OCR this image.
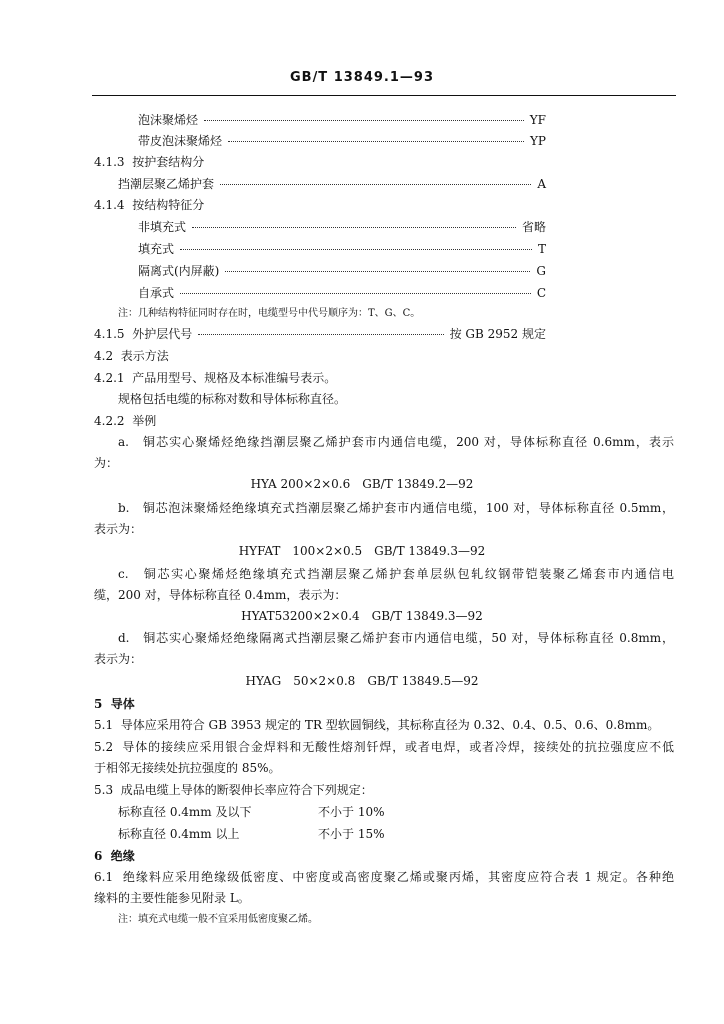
GB/T 13849.1—93
泡沫聚烯烃	YF
带皮泡沫聚烯烃	YP
4.1.3 按护套结构分
挡潮层聚乙烯护套	A
4.1.4 按结构特征分
非填充式	省略
填充式	T
隔离式(内屏蔽)	G
自承式	C
注：几种结构特征同时存在时，电缆型号中代号顺序为：T、G、C。
4.1.5 外护层代号	按 GB 2952 规定
4.2 表示方法
4.2.1 产品用型号、规格及本标准编号表示。
规格包括电缆的标称对数和导体标称直径。
4.2.2 举例
a.　铜芯实心聚烯烃绝缘挡潮层聚乙烯护套市内通信电缆，200 对，导体标称直径 0.6mm，表示
为：
HYA 200×2×0.6　GB/T 13849.2—92
b.　铜芯泡沫聚烯烃绝缘填充式挡潮层聚乙烯护套市内通信电缆，100 对，导体标称直径 0.5mm，
表示为：
HYFAT　100×2×0.5　GB/T 13849.3—92
c.　铜芯实心聚烯烃绝缘填充式挡潮层聚乙烯护套单层纵包轧纹钢带铠装聚乙烯套市内通信电
缆，200 对，导体标称直径 0.4mm，表示为：
HYAT53200×2×0.4　GB/T 13849.3—92
d.　铜芯实心聚烯烃绝缘隔离式挡潮层聚乙烯护套市内通信电缆，50 对，导体标称直径 0.8mm，
表示为：
HYAG　50×2×0.8　GB/T 13849.5—92
5 导体
5.1 导体应采用符合 GB 3953 规定的 TR 型软圆铜线，其标称直径为 0.32、0.4、0.5、0.6、0.8mm。
5.2 导体的接续应采用银合金焊料和无酸性熔剂钎焊，或者电焊，或者冷焊，接续处的抗拉强度应不低
于相邻无接续处抗拉强度的 85%。
5.3 成品电缆上导体的断裂伸长率应符合下列规定：
标称直径 0.4mm 及以下	不小于 10%
标称直径 0.4mm 以上	不小于 15%
6 绝缘
6.1 绝缘料应采用绝缘级低密度、中密度或高密度聚乙烯或聚丙烯，其密度应符合表 1 规定。各种绝
缘料的主要性能参见附录 L。
注：填充式电缆一般不宜采用低密度聚乙烯。
